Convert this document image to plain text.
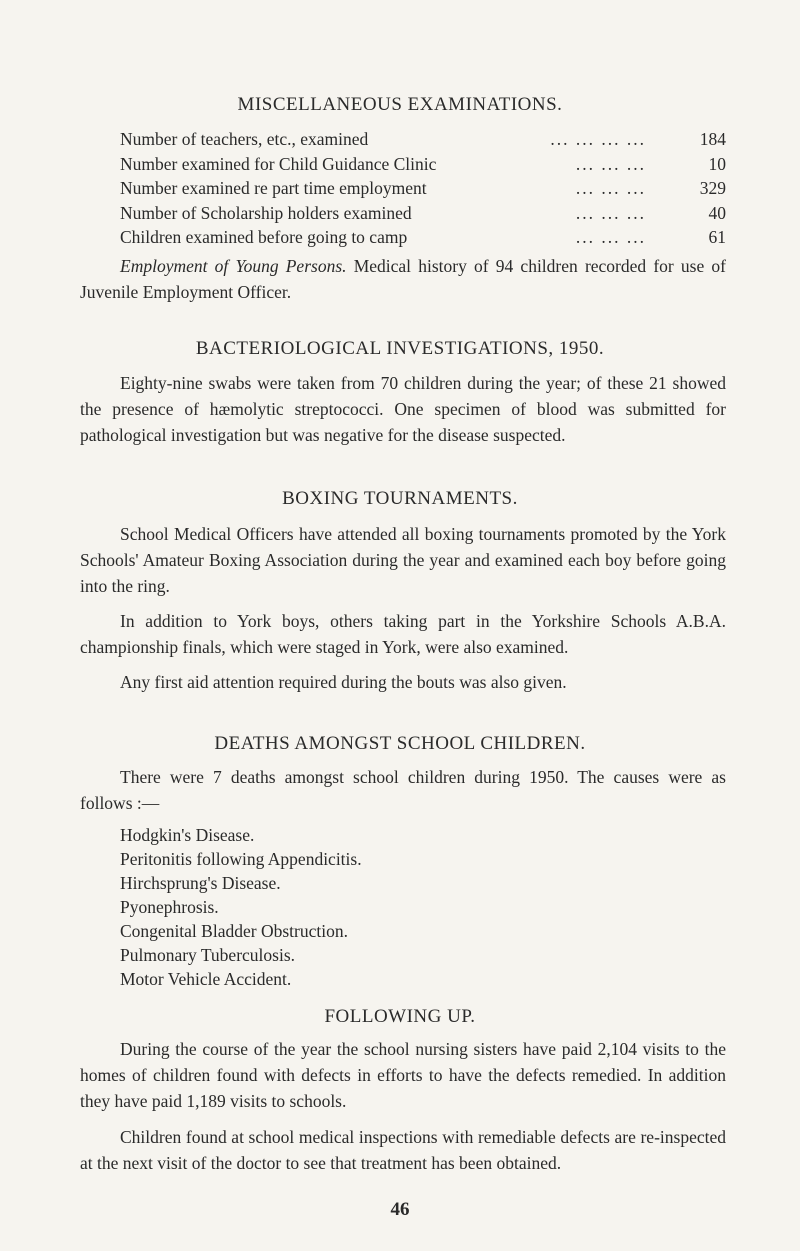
MISCELLANEOUS EXAMINATIONS.
Number of teachers, etc., examined	... ... ... ...	184
Number examined for Child Guidance Clinic	... ... ...	10
Number examined re part time employment	... ... ...	329
Number of Scholarship holders examined	... ... ...	40
Children examined before going to camp	... ... ...	61

Employment of Young Persons. Medical history of 94 children recorded for use of Juvenile Employment Officer.

BACTERIOLOGICAL INVESTIGATIONS, 1950.

Eighty-nine swabs were taken from 70 children during the year; of these 21 showed the presence of hæmolytic streptococci. One specimen of blood was submitted for pathological investigation but was negative for the disease suspected.

BOXING TOURNAMENTS.

School Medical Officers have attended all boxing tournaments promoted by the York Schools' Amateur Boxing Association during the year and examined each boy before going into the ring.

In addition to York boys, others taking part in the Yorkshire Schools A.B.A. championship finals, which were staged in York, were also examined.

Any first aid attention required during the bouts was also given.

DEATHS AMONGST SCHOOL CHILDREN.

There were 7 deaths amongst school children during 1950. The causes were as follows :—

Hodgkin's Disease.
Peritonitis following Appendicitis.
Hirchsprung's Disease.
Pyonephrosis.
Congenital Bladder Obstruction.
Pulmonary Tuberculosis.
Motor Vehicle Accident.
FOLLOWING UP.

During the course of the year the school nursing sisters have paid 2,104 visits to the homes of children found with defects in efforts to have the defects remedied. In addition they have paid 1,189 visits to schools.

Children found at school medical inspections with remediable defects are re-inspected at the next visit of the doctor to see that treatment has been obtained.

46
